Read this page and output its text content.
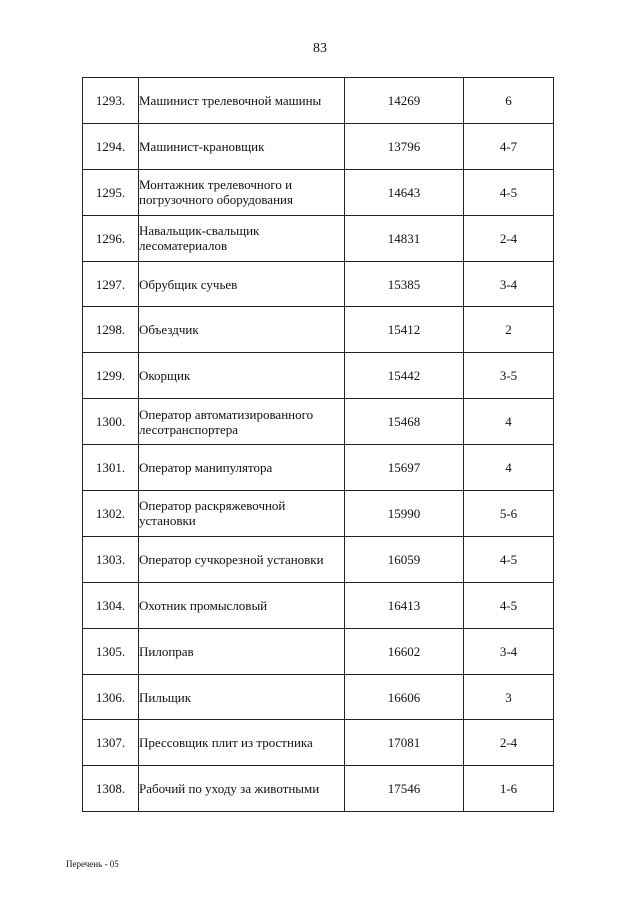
83
1293.	Машинист трелевочной машины	14269	6
1294.	Машинист-крановщик	13796	4-7
1295.	Монтажник трелевочного и погрузочного оборудования	14643	4-5
1296.	Навальщик-свальщик лесоматериалов	14831	2-4
1297.	Обрубщик сучьев	15385	3-4
1298.	Объездчик	15412	2
1299.	Окорщик	15442	3-5
1300.	Оператор автоматизированного лесотранспортера	15468	4
1301.	Оператор манипулятора	15697	4
1302.	Оператор раскряжевочной установки	15990	5-6
1303.	Оператор сучкорезной установки	16059	4-5
1304.	Охотник промысловый	16413	4-5
1305.	Пилоправ	16602	3-4
1306.	Пильщик	16606	3
1307.	Прессовщик плит из тростника	17081	2-4
1308.	Рабочий по уходу за животными	17546	1-6
Перечень - 05
